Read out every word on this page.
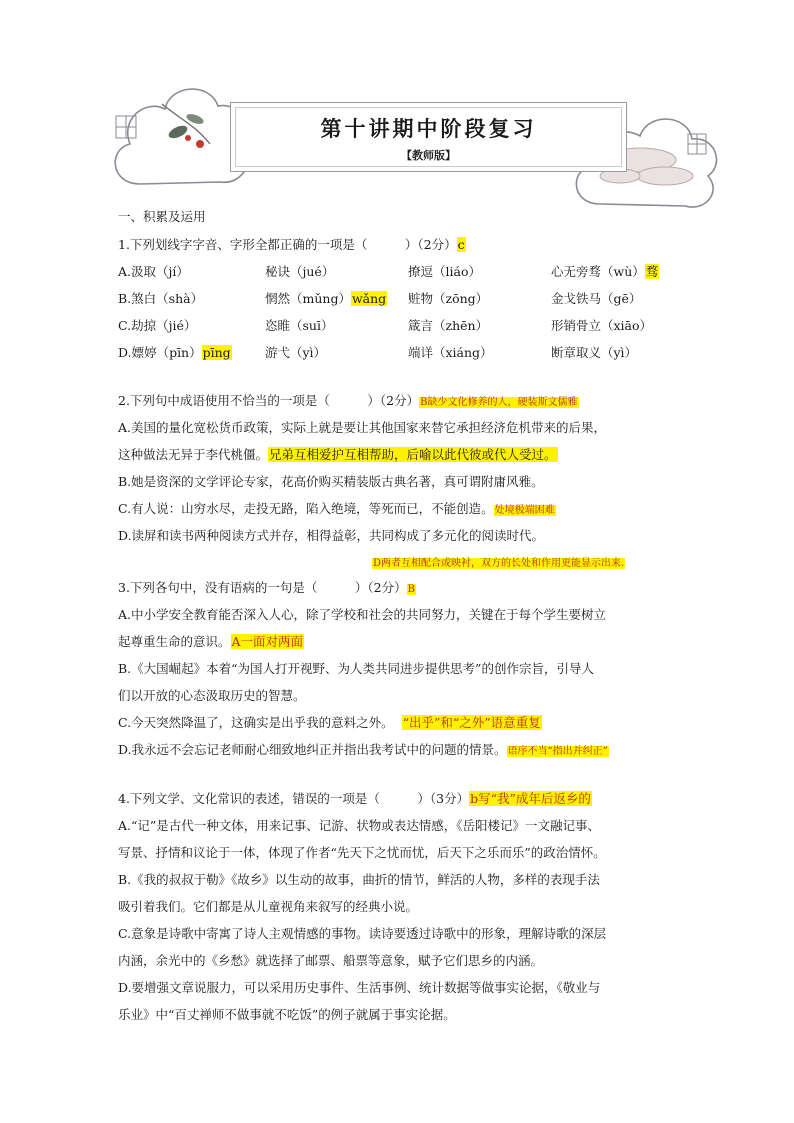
第十讲期中阶段复习
【教师版】
一、积累及运用
1.下列划线字字音、字形全都正确的一项是（　　　）（2分）c
A.汲取（jí）	秘诀（jué）	撩逗（liáo）	心无旁骛（wù）骛
B.煞白（shà）	惘然（mǔng）wǎng 赃物（zōng）	金戈铁马（gē）
C.劫掠（jié）	恣睢（suī）	箴言（zhēn）	形销骨立（xiāo）
D.嫖婷（pīn）pīng	游弋（yì）	端详（xiáng）	断章取义（yì）
2.下列句中成语使用不恰当的一项是（　　　）（2分）B缺少文化修养的人，硬装斯文儒雅
A.美国的量化宽松货币政策，实际上就是要让其他国家来替它承担经济危机带来的后果，
这种做法无异于李代桃僵。兄弟互相爱护互相帮助，后喻以此代彼或代人受过。
B.她是资深的文学评论专家，花高价购买精装版古典名著，真可谓附庸风雅。
C.有人说：山穷水尽，走投无路，陷入绝境，等死而已，不能创造。处境极端困难
D.读屏和读书两种阅读方式并存，相得益彰，共同构成了多元化的阅读时代。
D两者互相配合或映衬，双方的长处和作用更能显示出来.
3.下列各句中，没有语病的一句是（　　　）（2分）B
A.中小学安全教育能否深入人心，除了学校和社会的共同努力，关键在于每个学生要树立
起尊重生命的意识。A一面对两面
B.《大国崛起》本着“为国人打开视野、为人类共同进步提供思考”的创作宗旨，引导人
们以开放的心态汲取历史的智慧。
C.今天突然降温了，这确实是出乎我的意料之外。 “出乎”和“之外”语意重复
D.我永远不会忘记老师耐心细致地纠正并指出我考试中的问题的情景。语序不当“指出并纠正”
4.下列文学、文化常识的表述，错误的一项是（　　　）（3分）b写“我”成年后返乡的
A.“记”是古代一种文体，用来记事、记游、状物或表达情感，《岳阳楼记》一文融记事、
写景、抒情和议论于一体，体现了作者“先天下之忧而忧，后天下之乐而乐”的政治情怀。
B.《我的叔叔于勒》《故乡》以生动的故事，曲折的情节，鲜活的人物，多样的表现手法
吸引着我们。它们都是从儿童视角来叙写的经典小说。
C.意象是诗歌中寄寓了诗人主观情感的事物。读诗要透过诗歌中的形象，理解诗歌的深层
内涵，余光中的《乡愁》就选择了邮票、船票等意象，赋予它们思乡的内涵。
D.要增强文章说服力，可以采用历史事件、生活事例、统计数据等做事实论据，《敬业与
乐业》中“百丈禅师不做事就不吃饭”的例子就属于事实论据。
